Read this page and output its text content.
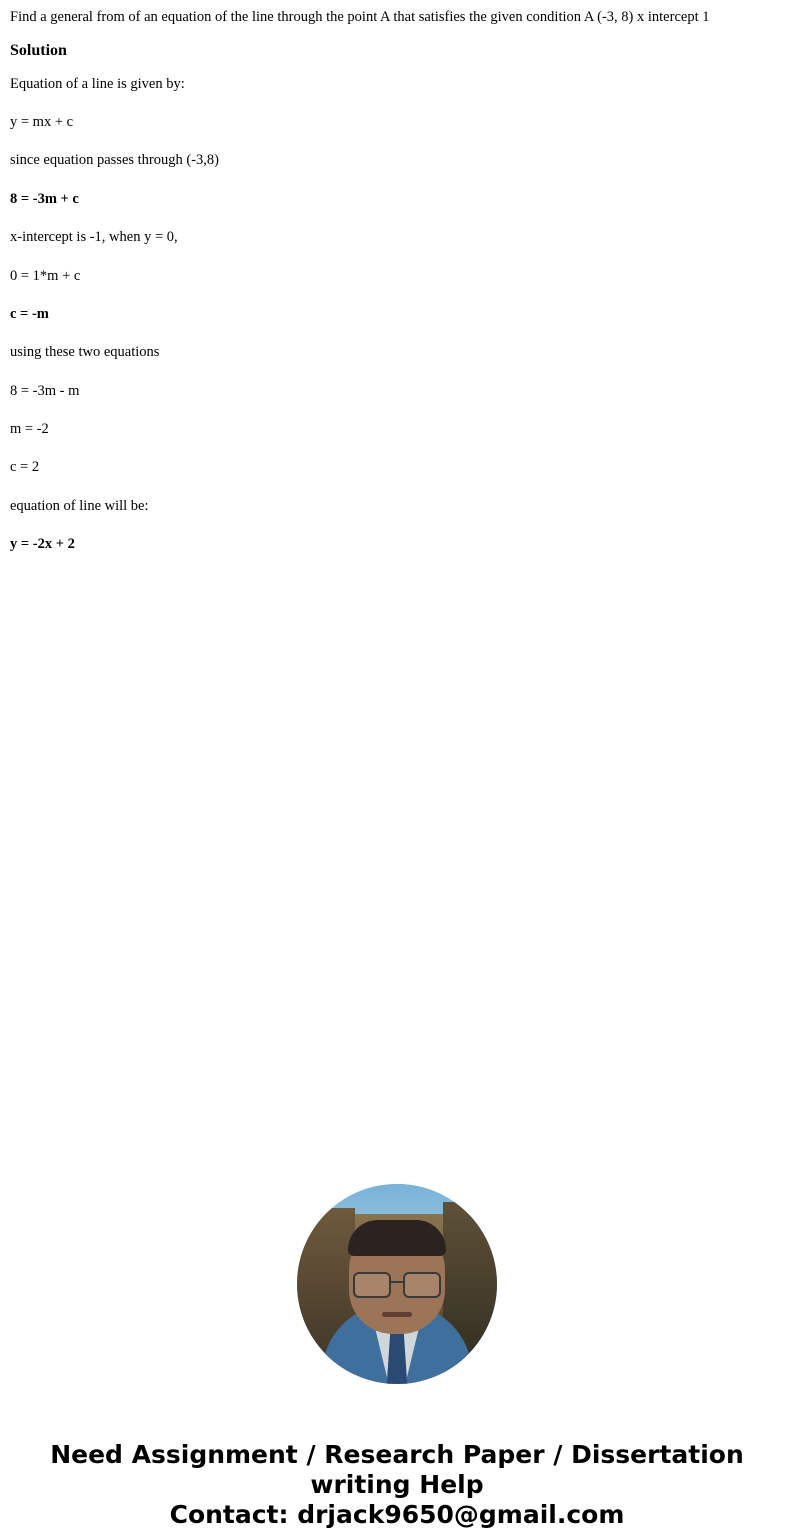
Find a general from of an equation of the line through the point A that satisfies the given condition A (-3, 8) x intercept 1

Solution

Equation of a line is given by:

y = mx + c

since equation passes through (-3,8)

8 = -3m + c

x-intercept is -1, when y = 0,

0 = 1*m + c

c = -m

using these two equations

8 = -3m - m

m = -2

c = 2

equation of line will be:

y = -2x + 2

Need Assignment / Research Paper / Dissertation
writing Help
Contact: drjack9650@gmail.com
